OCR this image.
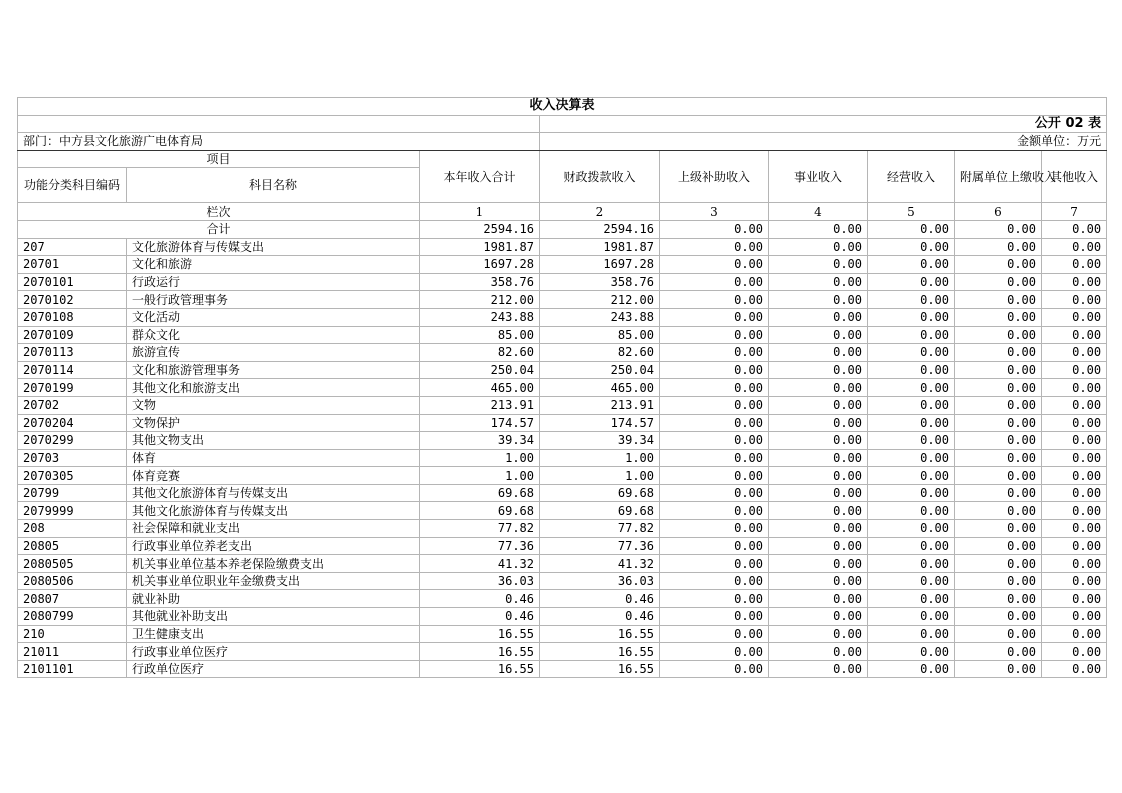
收入决算表								
			公开 02 表					
部门：中方县文化旅游广电体育局			金额单位：万元					
项目		本年收入合计	财政拨款收入	上级补助收入	事业收入	经营收入	附属单位上缴收入	其他收入
功能分类科目编码	科目名称							
栏次		1	2	3	4	5	6	7
合计		2594.16	2594.16	0.00	0.00	0.00	0.00	0.00
207	文化旅游体育与传媒支出	1981.87	1981.87	0.00	0.00	0.00	0.00	0.00
20701	文化和旅游	1697.28	1697.28	0.00	0.00	0.00	0.00	0.00
2070101	行政运行	358.76	358.76	0.00	0.00	0.00	0.00	0.00
2070102	一般行政管理事务	212.00	212.00	0.00	0.00	0.00	0.00	0.00
2070108	文化活动	243.88	243.88	0.00	0.00	0.00	0.00	0.00
2070109	群众文化	85.00	85.00	0.00	0.00	0.00	0.00	0.00
2070113	旅游宣传	82.60	82.60	0.00	0.00	0.00	0.00	0.00
2070114	文化和旅游管理事务	250.04	250.04	0.00	0.00	0.00	0.00	0.00
2070199	其他文化和旅游支出	465.00	465.00	0.00	0.00	0.00	0.00	0.00
20702	文物	213.91	213.91	0.00	0.00	0.00	0.00	0.00
2070204	文物保护	174.57	174.57	0.00	0.00	0.00	0.00	0.00
2070299	其他文物支出	39.34	39.34	0.00	0.00	0.00	0.00	0.00
20703	体育	1.00	1.00	0.00	0.00	0.00	0.00	0.00
2070305	体育竞赛	1.00	1.00	0.00	0.00	0.00	0.00	0.00
20799	其他文化旅游体育与传媒支出	69.68	69.68	0.00	0.00	0.00	0.00	0.00
2079999	其他文化旅游体育与传媒支出	69.68	69.68	0.00	0.00	0.00	0.00	0.00
208	社会保障和就业支出	77.82	77.82	0.00	0.00	0.00	0.00	0.00
20805	行政事业单位养老支出	77.36	77.36	0.00	0.00	0.00	0.00	0.00
2080505	机关事业单位基本养老保险缴费支出	41.32	41.32	0.00	0.00	0.00	0.00	0.00
2080506	机关事业单位职业年金缴费支出	36.03	36.03	0.00	0.00	0.00	0.00	0.00
20807	就业补助	0.46	0.46	0.00	0.00	0.00	0.00	0.00
2080799	其他就业补助支出	0.46	0.46	0.00	0.00	0.00	0.00	0.00
210	卫生健康支出	16.55	16.55	0.00	0.00	0.00	0.00	0.00
21011	行政事业单位医疗	16.55	16.55	0.00	0.00	0.00	0.00	0.00
2101101	行政单位医疗	16.55	16.55	0.00	0.00	0.00	0.00	0.00
